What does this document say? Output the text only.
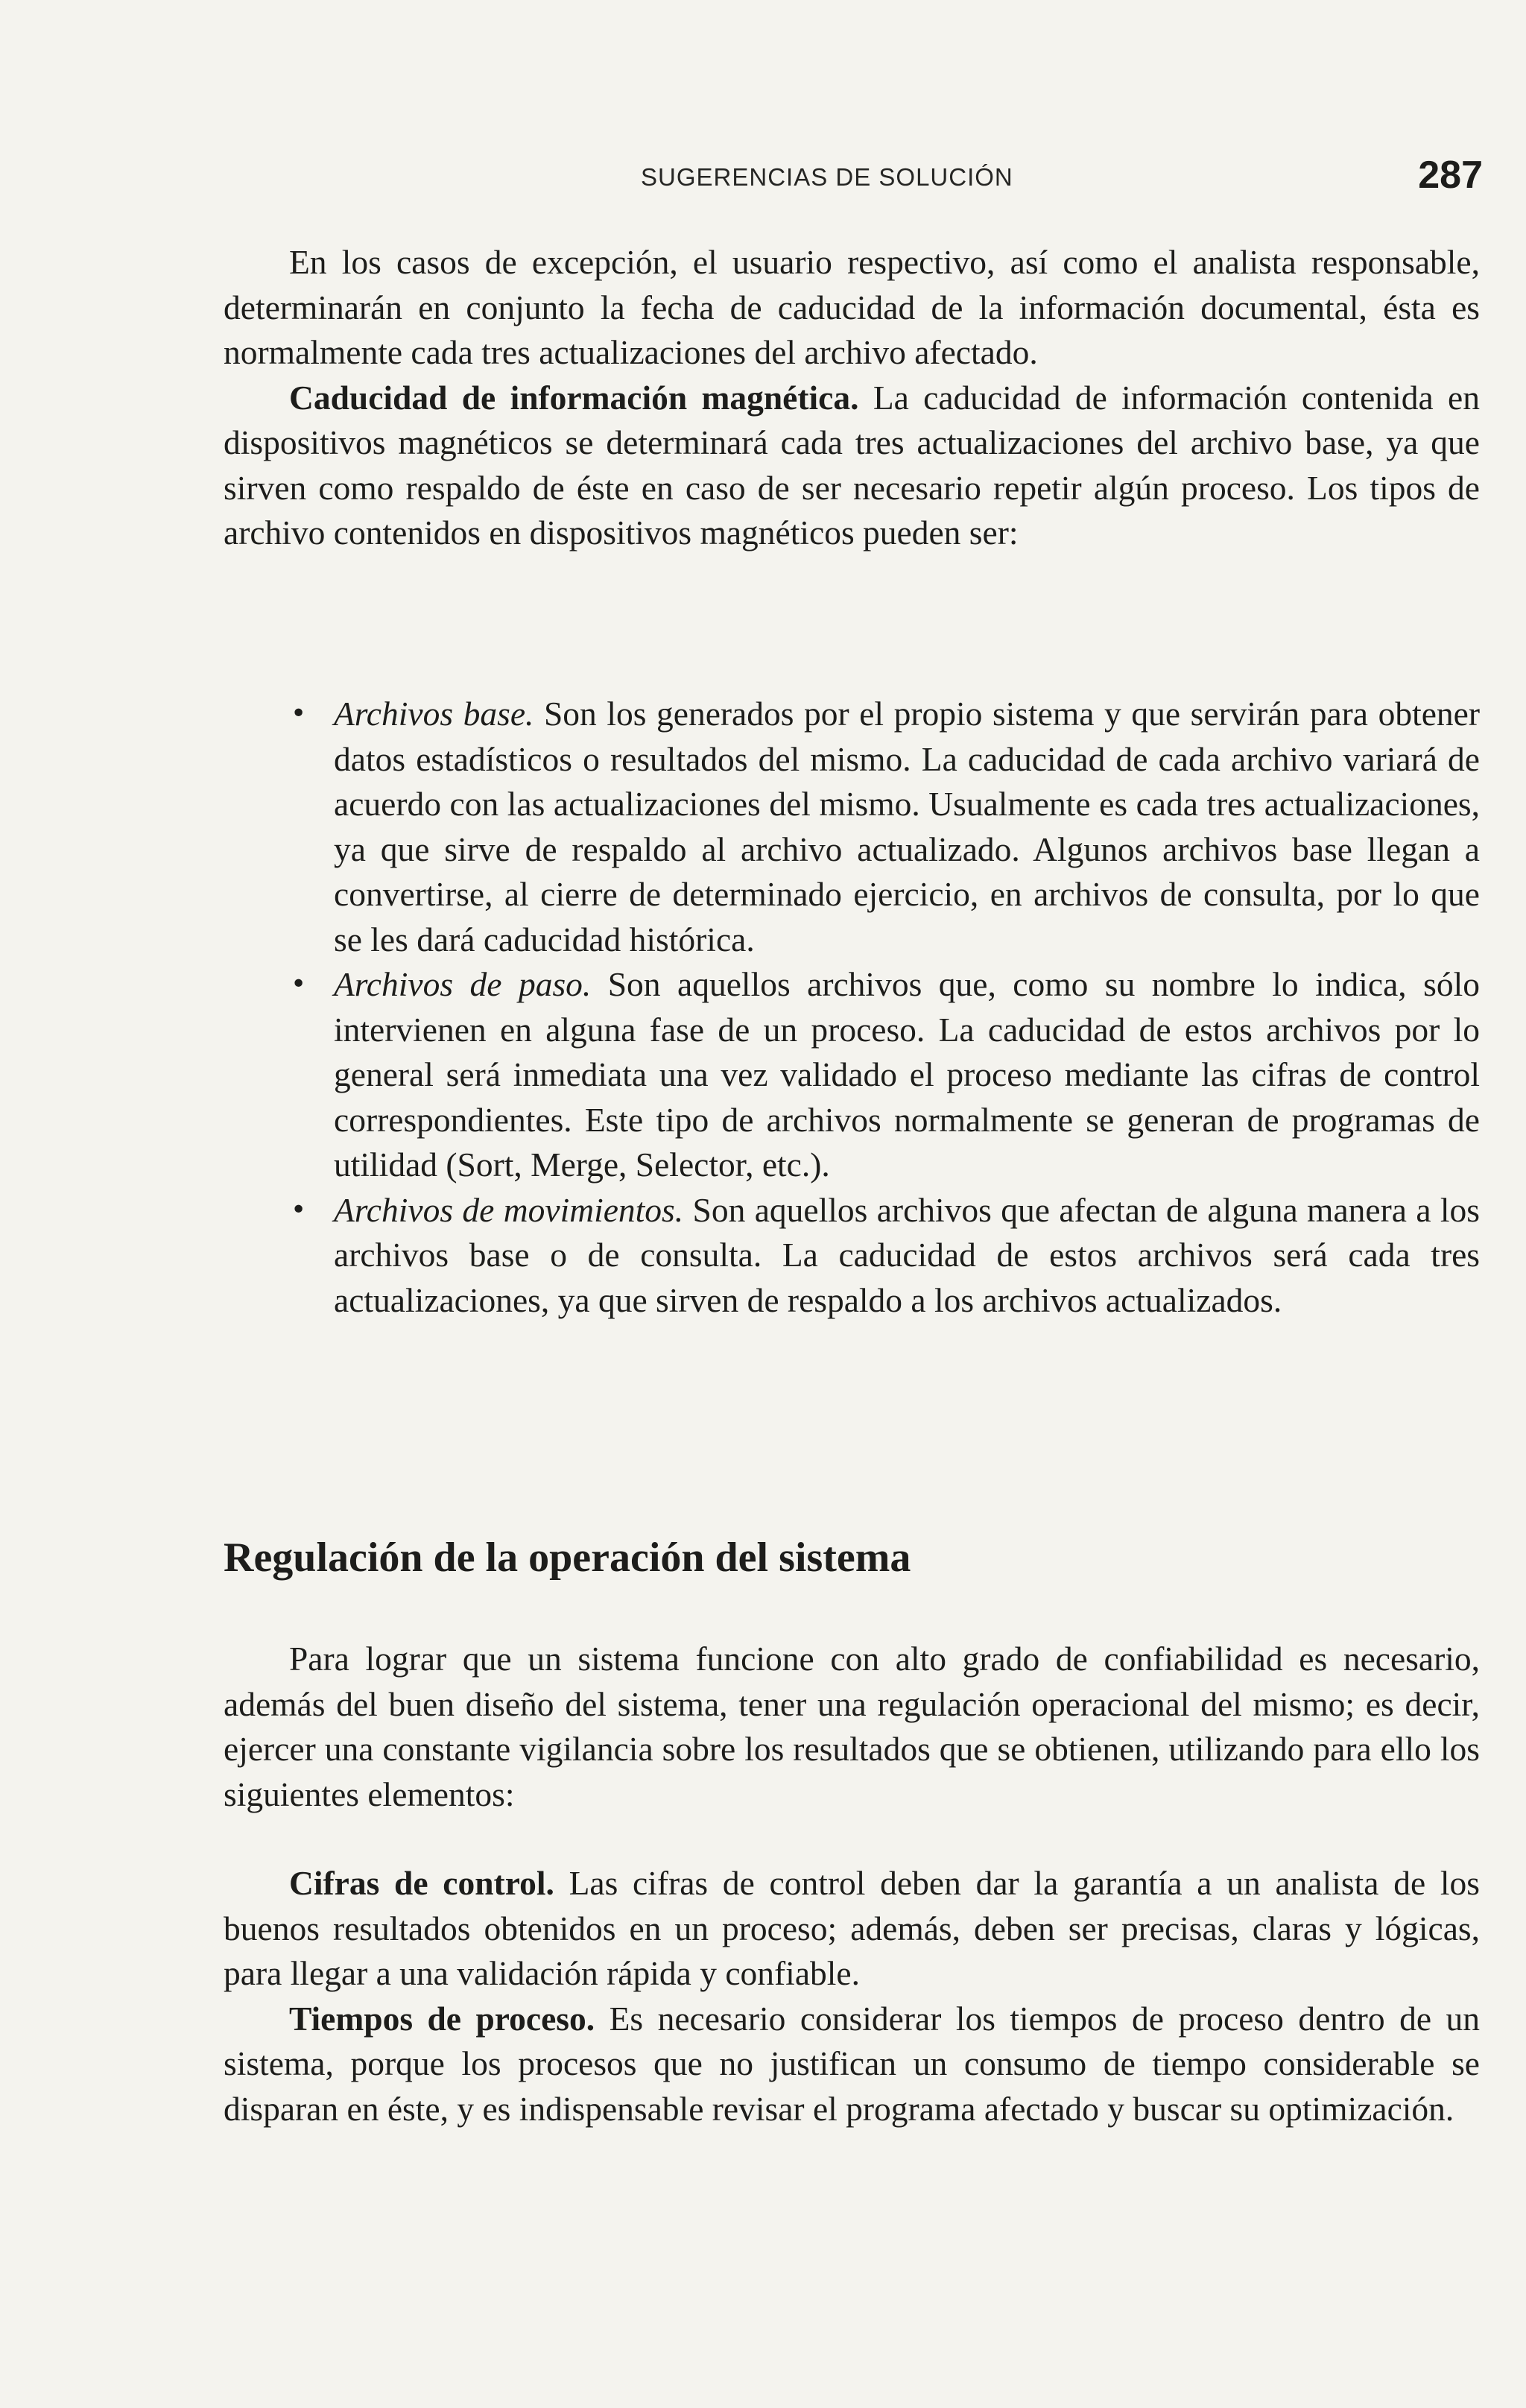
SUGERENCIAS DE SOLUCIÓN	287

En los casos de excepción, el usuario respectivo, así como el analista responsable, determinarán en conjunto la fecha de caducidad de la información documental, ésta es normalmente cada tres actualizaciones del archivo afectado.

Caducidad de información magnética. La caducidad de información contenida en dispositivos magnéticos se determinará cada tres actualizaciones del archivo base, ya que sirven como respaldo de éste en caso de ser necesario repetir algún proceso. Los tipos de archivo contenidos en dispositivos magnéticos pueden ser:

• Archivos base. Son los generados por el propio sistema y que servirán para obtener datos estadísticos o resultados del mismo. La caducidad de cada archivo variará de acuerdo con las actualizaciones del mismo. Usualmente es cada tres actualizaciones, ya que sirve de respaldo al archivo actualizado. Algunos archivos base llegan a convertirse, al cierre de determinado ejercicio, en archivos de consulta, por lo que se les dará caducidad histórica.
• Archivos de paso. Son aquellos archivos que, como su nombre lo indica, sólo intervienen en alguna fase de un proceso. La caducidad de estos archivos por lo general será inmediata una vez validado el proceso mediante las cifras de control correspondientes. Este tipo de archivos normalmente se generan de programas de utilidad (Sort, Merge, Selector, etc.).
• Archivos de movimientos. Son aquellos archivos que afectan de alguna manera a los archivos base o de consulta. La caducidad de estos archivos será cada tres actualizaciones, ya que sirven de respaldo a los archivos actualizados.
Regulación de la operación del sistema

Para lograr que un sistema funcione con alto grado de confiabilidad es necesario, además del buen diseño del sistema, tener una regulación operacional del mismo; es decir, ejercer una constante vigilancia sobre los resultados que se obtienen, utilizando para ello los siguientes elementos:

Cifras de control. Las cifras de control deben dar la garantía a un analista de los buenos resultados obtenidos en un proceso; además, deben ser precisas, claras y lógicas, para llegar a una validación rápida y confiable.

Tiempos de proceso. Es necesario considerar los tiempos de proceso dentro de un sistema, porque los procesos que no justifican un consumo de tiempo considerable se disparan en éste, y es indispensable revisar el programa afectado y buscar su optimización.
